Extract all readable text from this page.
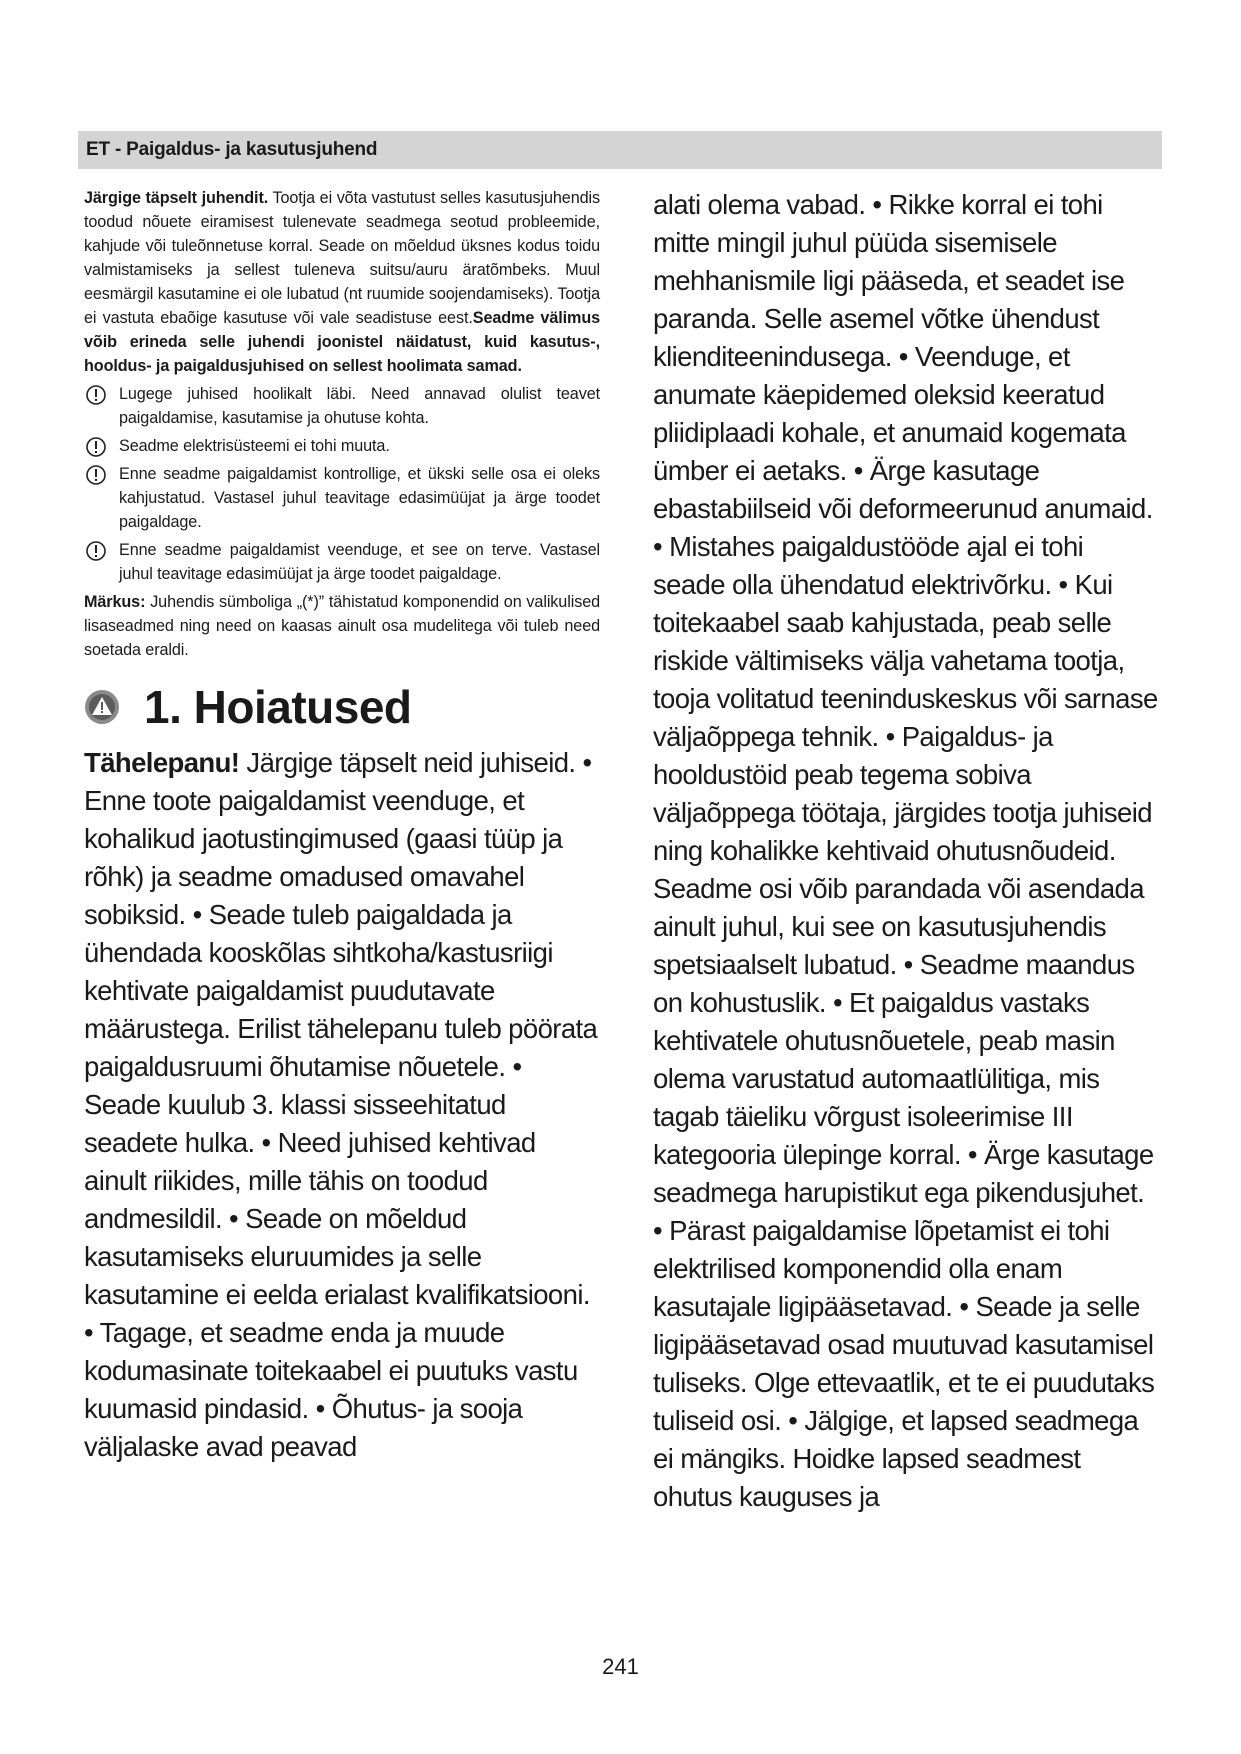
ET - Paigaldus- ja kasutusjuhend

Järgige täpselt juhendit. Tootja ei võta vastutust selles kasutusjuhendis toodud nõuete eiramisest tulenevate seadmega seotud probleemide, kahjude või tuleõnnetuse korral. Seade on mõeldud üksnes kodus toidu valmistamiseks ja sellest tuleneva suitsu/auru äratõmbeks. Muul eesmärgil kasutamine ei ole lubatud (nt ruumide soojendamiseks). Tootja ei vastuta ebaõige kasutuse või vale seadistuse eest.Seadme välimus võib erineda selle juhendi joonistel näidatust, kuid kasutus-, hooldus- ja paigaldusjuhised on sellest hoolimata samad.

Lugege juhised hoolikalt läbi. Need annavad olulist teavet paigaldamise, kasutamise ja ohutuse kohta.
Seadme elektrisüsteemi ei tohi muuta.
Enne seadme paigaldamist kontrollige, et ükski selle osa ei oleks kahjustatud. Vastasel juhul teavitage edasimüüjat ja ärge toodet paigaldage.
Enne seadme paigaldamist veenduge, et see on terve. Vastasel juhul teavitage edasimüüjat ja ärge toodet paigaldage.

Märkus: Juhendis sümboliga „(*)” tähistatud komponendid on valikulised lisaseadmed ning need on kaasas ainult osa mudelitega või tuleb need soetada eraldi.

1. Hoiatused

Tähelepanu! Järgige täpselt neid juhiseid. • Enne toote paigaldamist veenduge, et kohalikud jaotustingimused (gaasi tüüp ja rõhk) ja seadme omadused omavahel sobiksid. • Seade tuleb paigaldada ja ühendada kooskõlas sihtkoha/kastusriigi kehtivate paigaldamist puudutavate määrustega. Erilist tähelepanu tuleb pöörata paigaldusruumi õhutamise nõuetele. • Seade kuulub 3. klassi sisseehitatud seadete hulka. • Need juhised kehtivad ainult riikides, mille tähis on toodud andmesildil. • Seade on mõeldud kasutamiseks eluruumides ja selle kasutamine ei eelda erialast kvalifikatsiooni. • Tagage, et seadme enda ja muude kodumasinate toitekaabel ei puutuks vastu kuumasid pindasid. • Õhutus- ja sooja väljalaske avad peavad

alati olema vabad. • Rikke korral ei tohi mitte mingil juhul püüda sisemisele mehhanismile ligi pääseda, et seadet ise paranda. Selle asemel võtke ühendust klienditeenindusega. • Veenduge, et anumate käepidemed oleksid keeratud pliidiplaadi kohale, et anumaid kogemata ümber ei aetaks. • Ärge kasutage ebastabiilseid või deformeerunud anumaid. • Mistahes paigaldustööde ajal ei tohi seade olla ühendatud elektrivõrku. • Kui toitekaabel saab kahjustada, peab selle riskide vältimiseks välja vahetama tootja, tooja volitatud teeninduskeskus või sarnase väljaõppega tehnik. • Paigaldus- ja hooldustöid peab tegema sobiva väljaõppega töötaja, järgides tootja juhiseid ning kohalikke kehtivaid ohutusnõudeid. Seadme osi võib parandada või asendada ainult juhul, kui see on kasutusjuhendis spetsiaalselt lubatud. • Seadme maandus on kohustuslik. • Et paigaldus vastaks kehtivatele ohutusnõuetele, peab masin olema varustatud automaatlülitiga, mis tagab täieliku võrgust isoleerimise III kategooria ülepinge korral. • Ärge kasutage seadmega harupistikut ega pikendusjuhet. • Pärast paigaldamise lõpetamist ei tohi elektrilised komponendid olla enam kasutajale ligipääsetavad. • Seade ja selle ligipääsetavad osad muutuvad kasutamisel tuliseks. Olge ettevaatlik, et te ei puudutaks tuliseid osi. • Jälgige, et lapsed seadmega ei mängiks. Hoidke lapsed seadmest ohutus kauguses ja

241
